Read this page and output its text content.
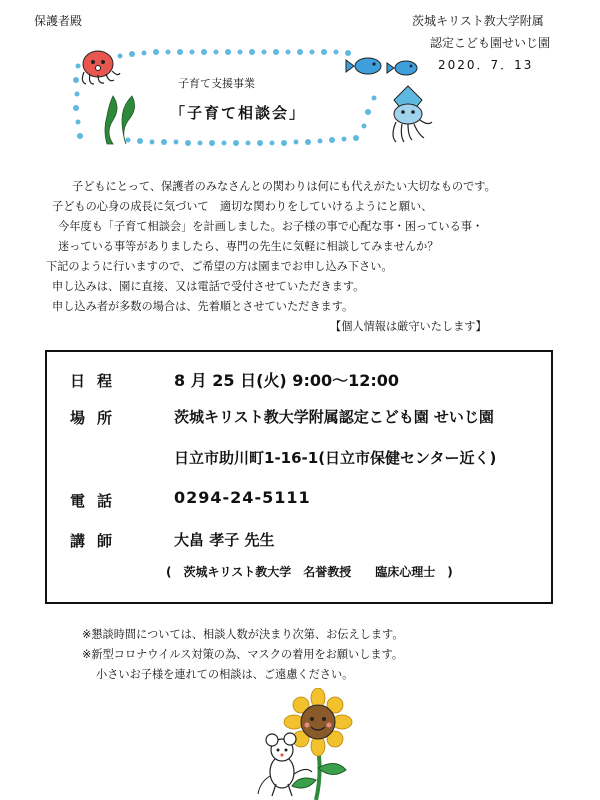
保護者殿	茨城キリスト教大学附属
認定こども園せいじ園
2020．7．13
子育て支援事業
「子育て相談会」
子どもにとって、保護者のみなさんとの関わりは何にも代えがたい大切なものです。
子どもの心身の成長に気づいて　適切な関わりをしていけるようにと願い、
今年度も「子育て相談会」を計画しました。お子様の事で心配な事・困っている事・
迷っている事等がありましたら、専門の先生に気軽に相談してみませんか？
下記のように行いますので、ご希望の方は園までお申し込み下さい。
申し込みは、園に直接、又は電話で受付させていただきます。
申し込み者が多数の場合は、先着順とさせていただきます。
【個人情報は厳守いたします】
日程	8 月 25 日(火) 9:00～12:00
場所	茨城キリスト教大学附属認定こども園 せいじ園
日立市助川町1-16-1(日立市保健センター近く)
電話	0294-24-5111
講師	大畠 孝子 先生
(　茨城キリスト教大学　名誉教授　　臨床心理士　)
※懇談時間については、相談人数が決まり次第、お伝えします。
※新型コロナウイルス対策の為、マスクの着用をお願いします。
小さいお子様を連れての相談は、ご遠慮ください。
